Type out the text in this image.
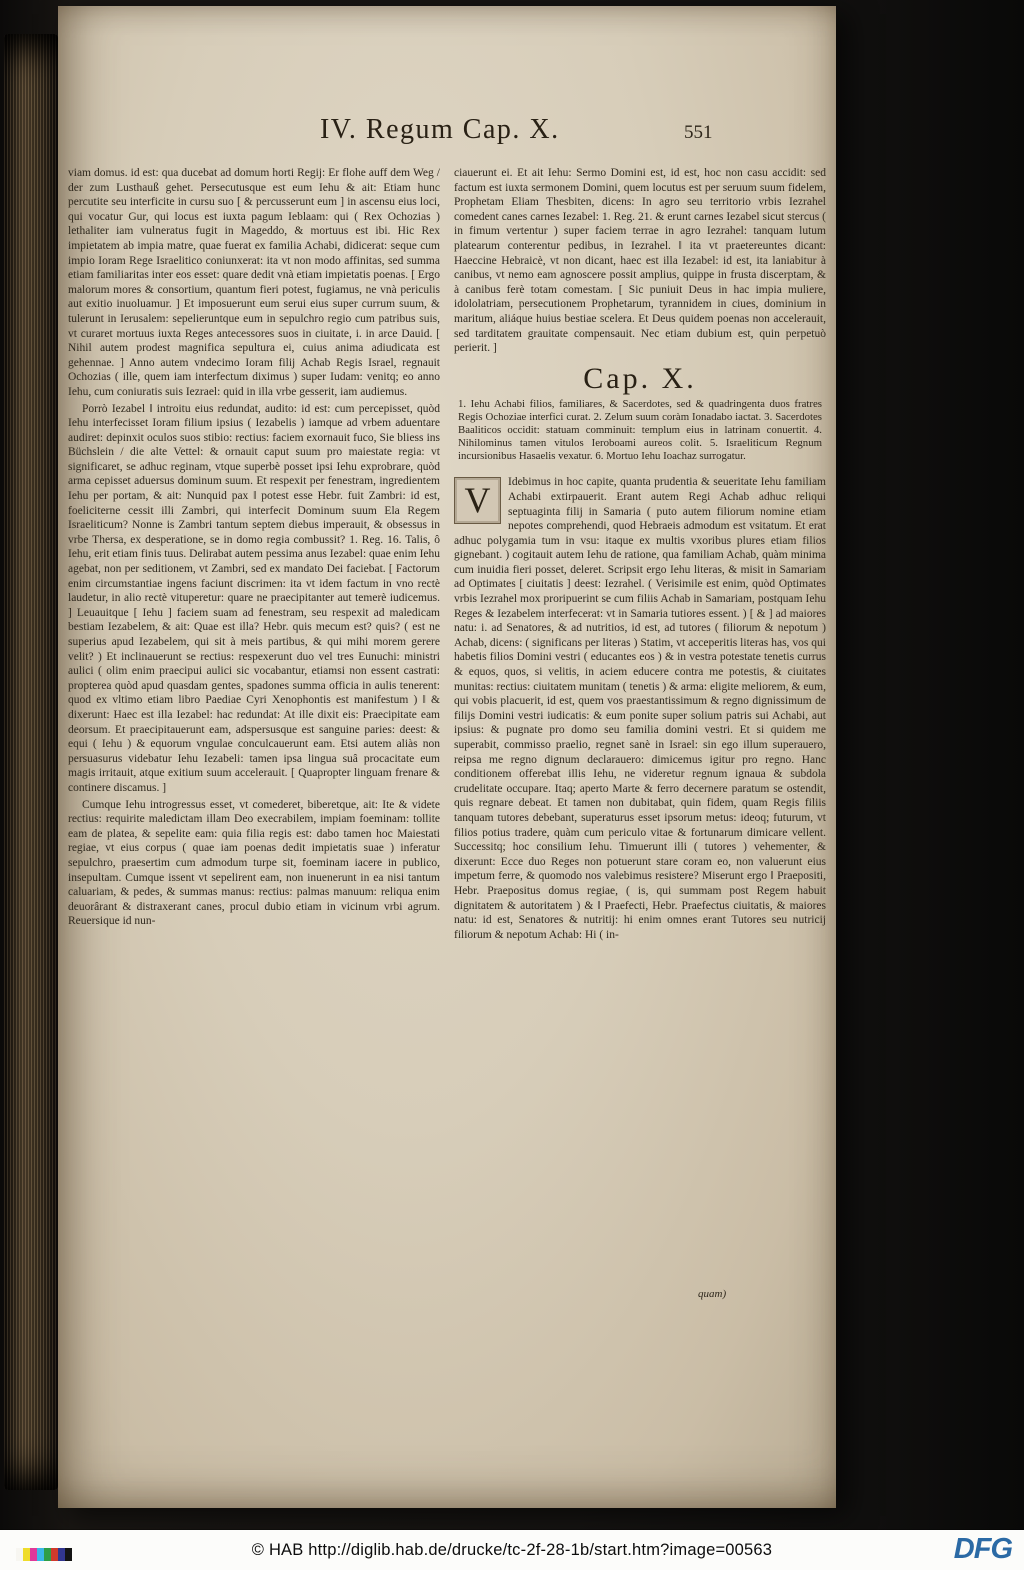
IV. Regum Cap. X.	551

viam domus. id est: qua ducebat ad domum horti Regij: Er flohe auff dem Weg / der zum Lusthauß gehet. Persecutusque est eum Iehu & ait: Etiam hunc percutite seu interficite in cursu suo [ & percusserunt eum ] in ascensu eius loci, qui vocatur Gur, qui locus est iuxta pagum Ieblaam: qui ( Rex Ochozias ) lethaliter iam vulneratus fugit in Mageddo, & mortuus est ibi. Hic Rex impietatem ab impia matre, quae fuerat ex familia Achabi, didicerat: seque cum impio Ioram Rege Israelitico coniunxerat: ita vt non modo affinitas, sed summa etiam familiaritas inter eos esset: quare dedit vnà etiam impietatis poenas. [ Ergo malorum mores & consortium, quantum fieri potest, fugiamus, ne vnà periculis aut exitio inuoluamur. ] Et imposuerunt eum serui eius super currum suum, & tulerunt in Ierusalem: sepelieruntque eum in sepulchro regio cum patribus suis, vt curaret mortuus iuxta Reges antecessores suos in ciuitate, i. in arce Dauid. [ Nihil autem prodest magnifica sepultura ei, cuius anima adiudicata est gehennae. ] Anno autem vndecimo Ioram filij Achab Regis Israel, regnauit Ochozias ( ille, quem iam interfectum diximus ) super Iudam: venitq; eo anno Iehu, cum coniuratis suis Iezrael: quid in illa vrbe gesserit, iam audiemus.

Porrò Iezabel ‖ introitu eius redundat, audito: id est: cum percepisset, quòd Iehu interfecisset Ioram filium ipsius ( Iezabelis ) iamque ad vrbem aduentare audiret: depinxit oculos suos stibio: rectius: faciem exornauit fuco, Sie bliess ins Büchslein / die alte Vettel: & ornauit caput suum pro maiestate regia: vt significaret, se adhuc reginam, vtque superbè posset ipsi Iehu exprobrare, quòd arma cepisset aduersus dominum suum. Et respexit per fenestram, ingredientem Iehu per portam, & ait: Nunquid pax ‖ potest esse Hebr. fuit Zambri: id est, foeliciterne cessit illi Zambri, qui interfecit Dominum suum Ela Regem Israeliticum? Nonne is Zambri tantum septem diebus imperauit, & obsessus in vrbe Thersa, ex desperatione, se in domo regia combussit? 1. Reg. 16. Talis, ô Iehu, erit etiam finis tuus. Delirabat autem pessima anus Iezabel: quae enim Iehu agebat, non per seditionem, vt Zambri, sed ex mandato Dei faciebat. [ Factorum enim circumstantiae ingens faciunt discrimen: ita vt idem factum in vno rectè laudetur, in alio rectè vituperetur: quare ne praecipitanter aut temerè iudicemus. ] Leuauitque [ Iehu ] faciem suam ad fenestram, seu respexit ad maledicam bestiam Iezabelem, & ait: Quae est illa? Hebr. quis mecum est? quis? ( est ne superius apud Iezabelem, qui sit à meis partibus, & qui mihi morem gerere velit? ) Et inclinauerunt se rectius: respexerunt duo vel tres Eunuchi: ministri aulici ( olim enim praecipui aulici sic vocabantur, etiamsi non essent castrati: propterea quòd apud quasdam gentes, spadones summa officia in aulis tenerent: quod ex vltimo etiam libro Paediae Cyri Xenophontis est manifestum ) ‖ & dixerunt: Haec est illa Iezabel: hac redundat: At ille dixit eis: Praecipitate eam deorsum. Et praecipitauerunt eam, adspersusque est sanguine paries: deest: & equi ( Iehu ) & equorum vngulae conculcauerunt eam. Etsi autem aliàs non persuasurus videbatur Iehu Iezabeli: tamen ipsa lingua suâ procacitate eum magis irritauit, atque exitium suum accelerauit. [ Quapropter linguam frenare & continere discamus. ]

Cumque Iehu introgressus esset, vt comederet, biberetque, ait: Ite & videte rectius: requirite maledictam illam Deo execrabilem, impiam foeminam: tollite eam de platea, & sepelite eam: quia filia regis est: dabo tamen hoc Maiestati regiae, vt eius corpus ( quae iam poenas dedit impietatis suae ) inferatur sepulchro, praesertim cum admodum turpe sit, foeminam iacere in publico, insepultam. Cumque issent vt sepelirent eam, non inuenerunt in ea nisi tantum caluariam, & pedes, & summas manus: rectius: palmas manuum: reliqua enim deuorârant & distraxerant canes, procul dubio etiam in vicinum vrbi agrum. Reuersique id nun-

ciauerunt ei. Et ait Iehu: Sermo Domini est, id est, hoc non casu accidit: sed factum est iuxta sermonem Domini, quem locutus est per seruum suum fidelem, Prophetam Eliam Thesbiten, dicens: In agro seu territorio vrbis Iezrahel comedent canes carnes Iezabel: 1. Reg. 21. & erunt carnes Iezabel sicut stercus ( in fimum vertentur ) super faciem terrae in agro Iezrahel: tanquam lutum platearum conterentur pedibus, in Iezrahel. ‖ ita vt praetereuntes dicant: Haeccine Hebraicè, vt non dicant, haec est illa Iezabel: id est, ita laniabitur à canibus, vt nemo eam agnoscere possit amplius, quippe in frusta discerptam, & à canibus ferè totam comestam. [ Sic puniuit Deus in hac impia muliere, idololatriam, persecutionem Prophetarum, tyrannidem in ciues, dominium in maritum, aliáque huius bestiae scelera. Et Deus quidem poenas non accelerauit, sed tarditatem grauitate compensauit. Nec etiam dubium est, quin perpetuò perierit. ]

Cap. X.

1. Iehu Achabi filios, familiares, & Sacerdotes, sed & quadringenta duos fratres Regis Ochoziae interfici curat. 2. Zelum suum coràm Ionadabo iactat. 3. Sacerdotes Baaliticos occidit: statuam comminuit: templum eius in latrinam conuertit. 4. Nihilominus tamen vitulos Ieroboami aureos colit. 5. Israeliticum Regnum incursionibus Hasaelis vexatur. 6. Mortuo Iehu Ioachaz surrogatur.

V	Idebimus in hoc capite, quanta prudentia & seueritate Iehu familiam Achabi extirpauerit. Erant autem Regi Achab adhuc reliqui septuaginta filij in Samaria ( puto autem filiorum nomine etiam nepotes comprehendi, quod Hebraeis admodum est vsitatum. Et erat adhuc polygamia tum in vsu: itaque ex multis vxoribus plures etiam filios gignebant. ) cogitauit autem Iehu de ratione, qua familiam Achab, quàm minima cum inuidia fieri posset, deleret. Scripsit ergo Iehu literas, & misit in Samariam ad Optimates [ ciuitatis ] deest: Iezrahel. ( Verisimile est enim, quòd Optimates vrbis Iezrahel mox proripuerint se cum filiis Achab in Samariam, postquam Iehu Reges & Iezabelem interfecerat: vt in Samaria tutiores essent. ) [ & ] ad maiores natu: i. ad Senatores, & ad nutritios, id est, ad tutores ( filiorum & nepotum ) Achab, dicens: ( significans per literas ) Statim, vt acceperitis literas has, vos qui habetis filios Domini vestri ( educantes eos ) & in vestra potestate tenetis currus & equos, quos, si velitis, in aciem educere contra me potestis, & ciuitates munitas: rectius: ciuitatem munitam ( tenetis ) & arma: eligite meliorem, & eum, qui vobis placuerit, id est, quem vos praestantissimum & regno dignissimum de filijs Domini vestri iudicatis: & eum ponite super solium patris sui Achabi, aut ipsius: & pugnate pro domo seu familia domini vestri. Et si quidem me superabit, commisso praelio, regnet sanè in Israel: sin ego illum superauero, reipsa me regno dignum declarauero: dimicemus igitur pro regno. Hanc conditionem offerebat illis Iehu, ne videretur regnum ignaua & subdola crudelitate occupare. Itaq; aperto Marte & ferro decernere paratum se ostendit, quis regnare debeat. Et tamen non dubitabat, quin fidem, quam Regis filiis tanquam tutores debebant, superaturus esset ipsorum metus: ideoq; futurum, vt filios potius tradere, quàm cum periculo vitae & fortunarum dimicare vellent. Successitq; hoc consilium Iehu. Timuerunt illi ( tutores ) vehementer, & dixerunt: Ecce duo Reges non potuerunt stare coram eo, non valuerunt eius impetum ferre, & quomodo nos valebimus resistere? Miserunt ergo ‖ Praepositi, Hebr. Praepositus domus regiae, ( is, qui summam post Regem habuit dignitatem & autoritatem ) & ‖ Praefecti, Hebr. Praefectus ciuitatis, & maiores natu: id est, Senatores & nutritij: hi enim omnes erant Tutores seu nutricij filiorum & nepotum Achab: Hi ( in-
quam)
© HAB http://diglib.hab.de/drucke/tc-2f-28-1b/start.htm?image=00563	DFG
